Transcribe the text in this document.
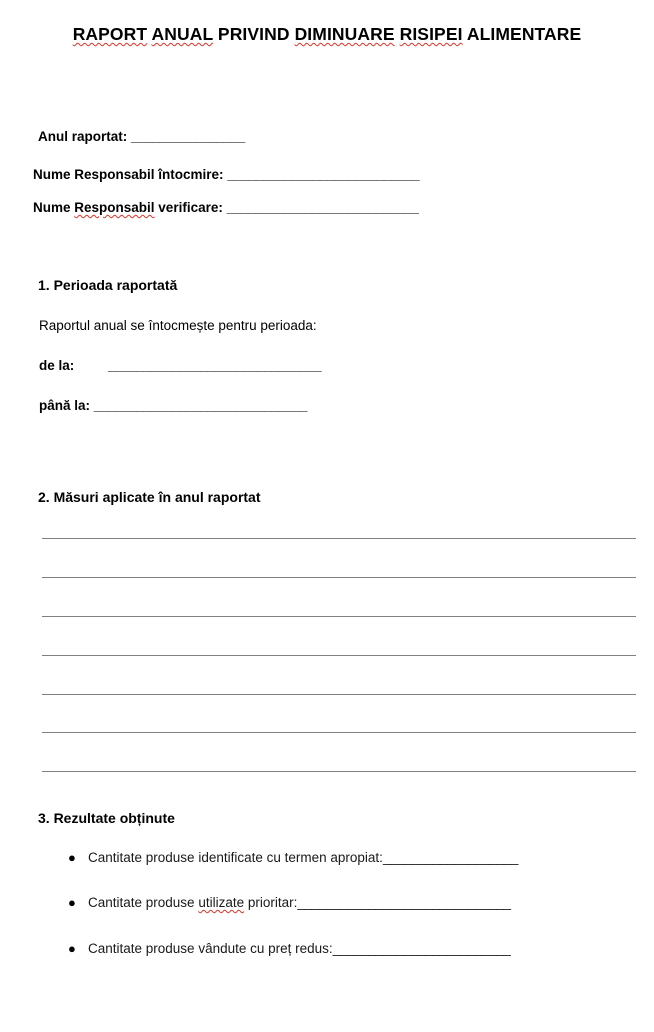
RAPORT ANUAL PRIVIND DIMINUARE RISIPEI ALIMENTARE
Anul raportat: ________________
Nume Responsabil întocmire: ___________________________
Nume Responsabil verificare: ___________________________
1. Perioada raportată
Raportul anual se întocmește pentru perioada:
de la:	______________________________
până la: ______________________________
2. Măsuri aplicate în anul raportat
3. Rezultate obținute
● Cantitate produse identificate cu termen apropiat:___________________
● Cantitate produse utilizate prioritar:______________________________
● Cantitate produse vândute cu preț redus:_________________________
